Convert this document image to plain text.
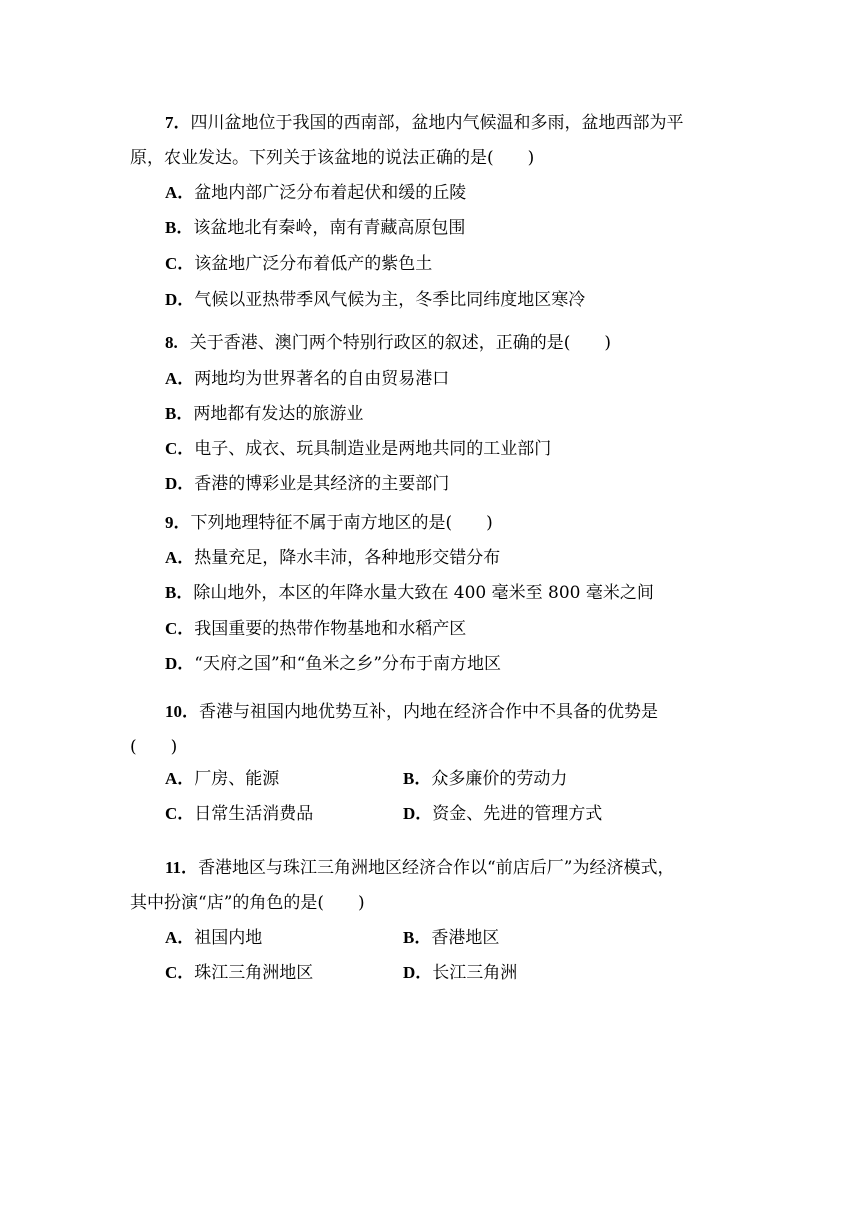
7．四川盆地位于我国的西南部，盆地内气候温和多雨，盆地西部为平
原，农业发达。下列关于该盆地的说法正确的是(　　)
A．盆地内部广泛分布着起伏和缓的丘陵
B．该盆地北有秦岭，南有青藏高原包围
C．该盆地广泛分布着低产的紫色土
D．气候以亚热带季风气候为主，冬季比同纬度地区寒冷
8. 关于香港、澳门两个特别行政区的叙述，正确的是(　　)
A．两地均为世界著名的自由贸易港口
B．两地都有发达的旅游业
C．电子、成衣、玩具制造业是两地共同的工业部门
D．香港的博彩业是其经济的主要部门
9．下列地理特征不属于南方地区的是(　　)
A．热量充足，降水丰沛，各种地形交错分布
B．除山地外，本区的年降水量大致在 400 毫米至 800 毫米之间
C．我国重要的热带作物基地和水稻产区
D．“天府之国”和“鱼米之乡”分布于南方地区
10．香港与祖国内地优势互补，内地在经济合作中不具备的优势是
(　　)
A．厂房、能源	B．众多廉价的劳动力
C．日常生活消费品	D．资金、先进的管理方式
11．香港地区与珠江三角洲地区经济合作以“前店后厂”为经济模式，
其中扮演“店”的角色的是(　　)
A．祖国内地	B．香港地区
C．珠江三角洲地区	D．长江三角洲
